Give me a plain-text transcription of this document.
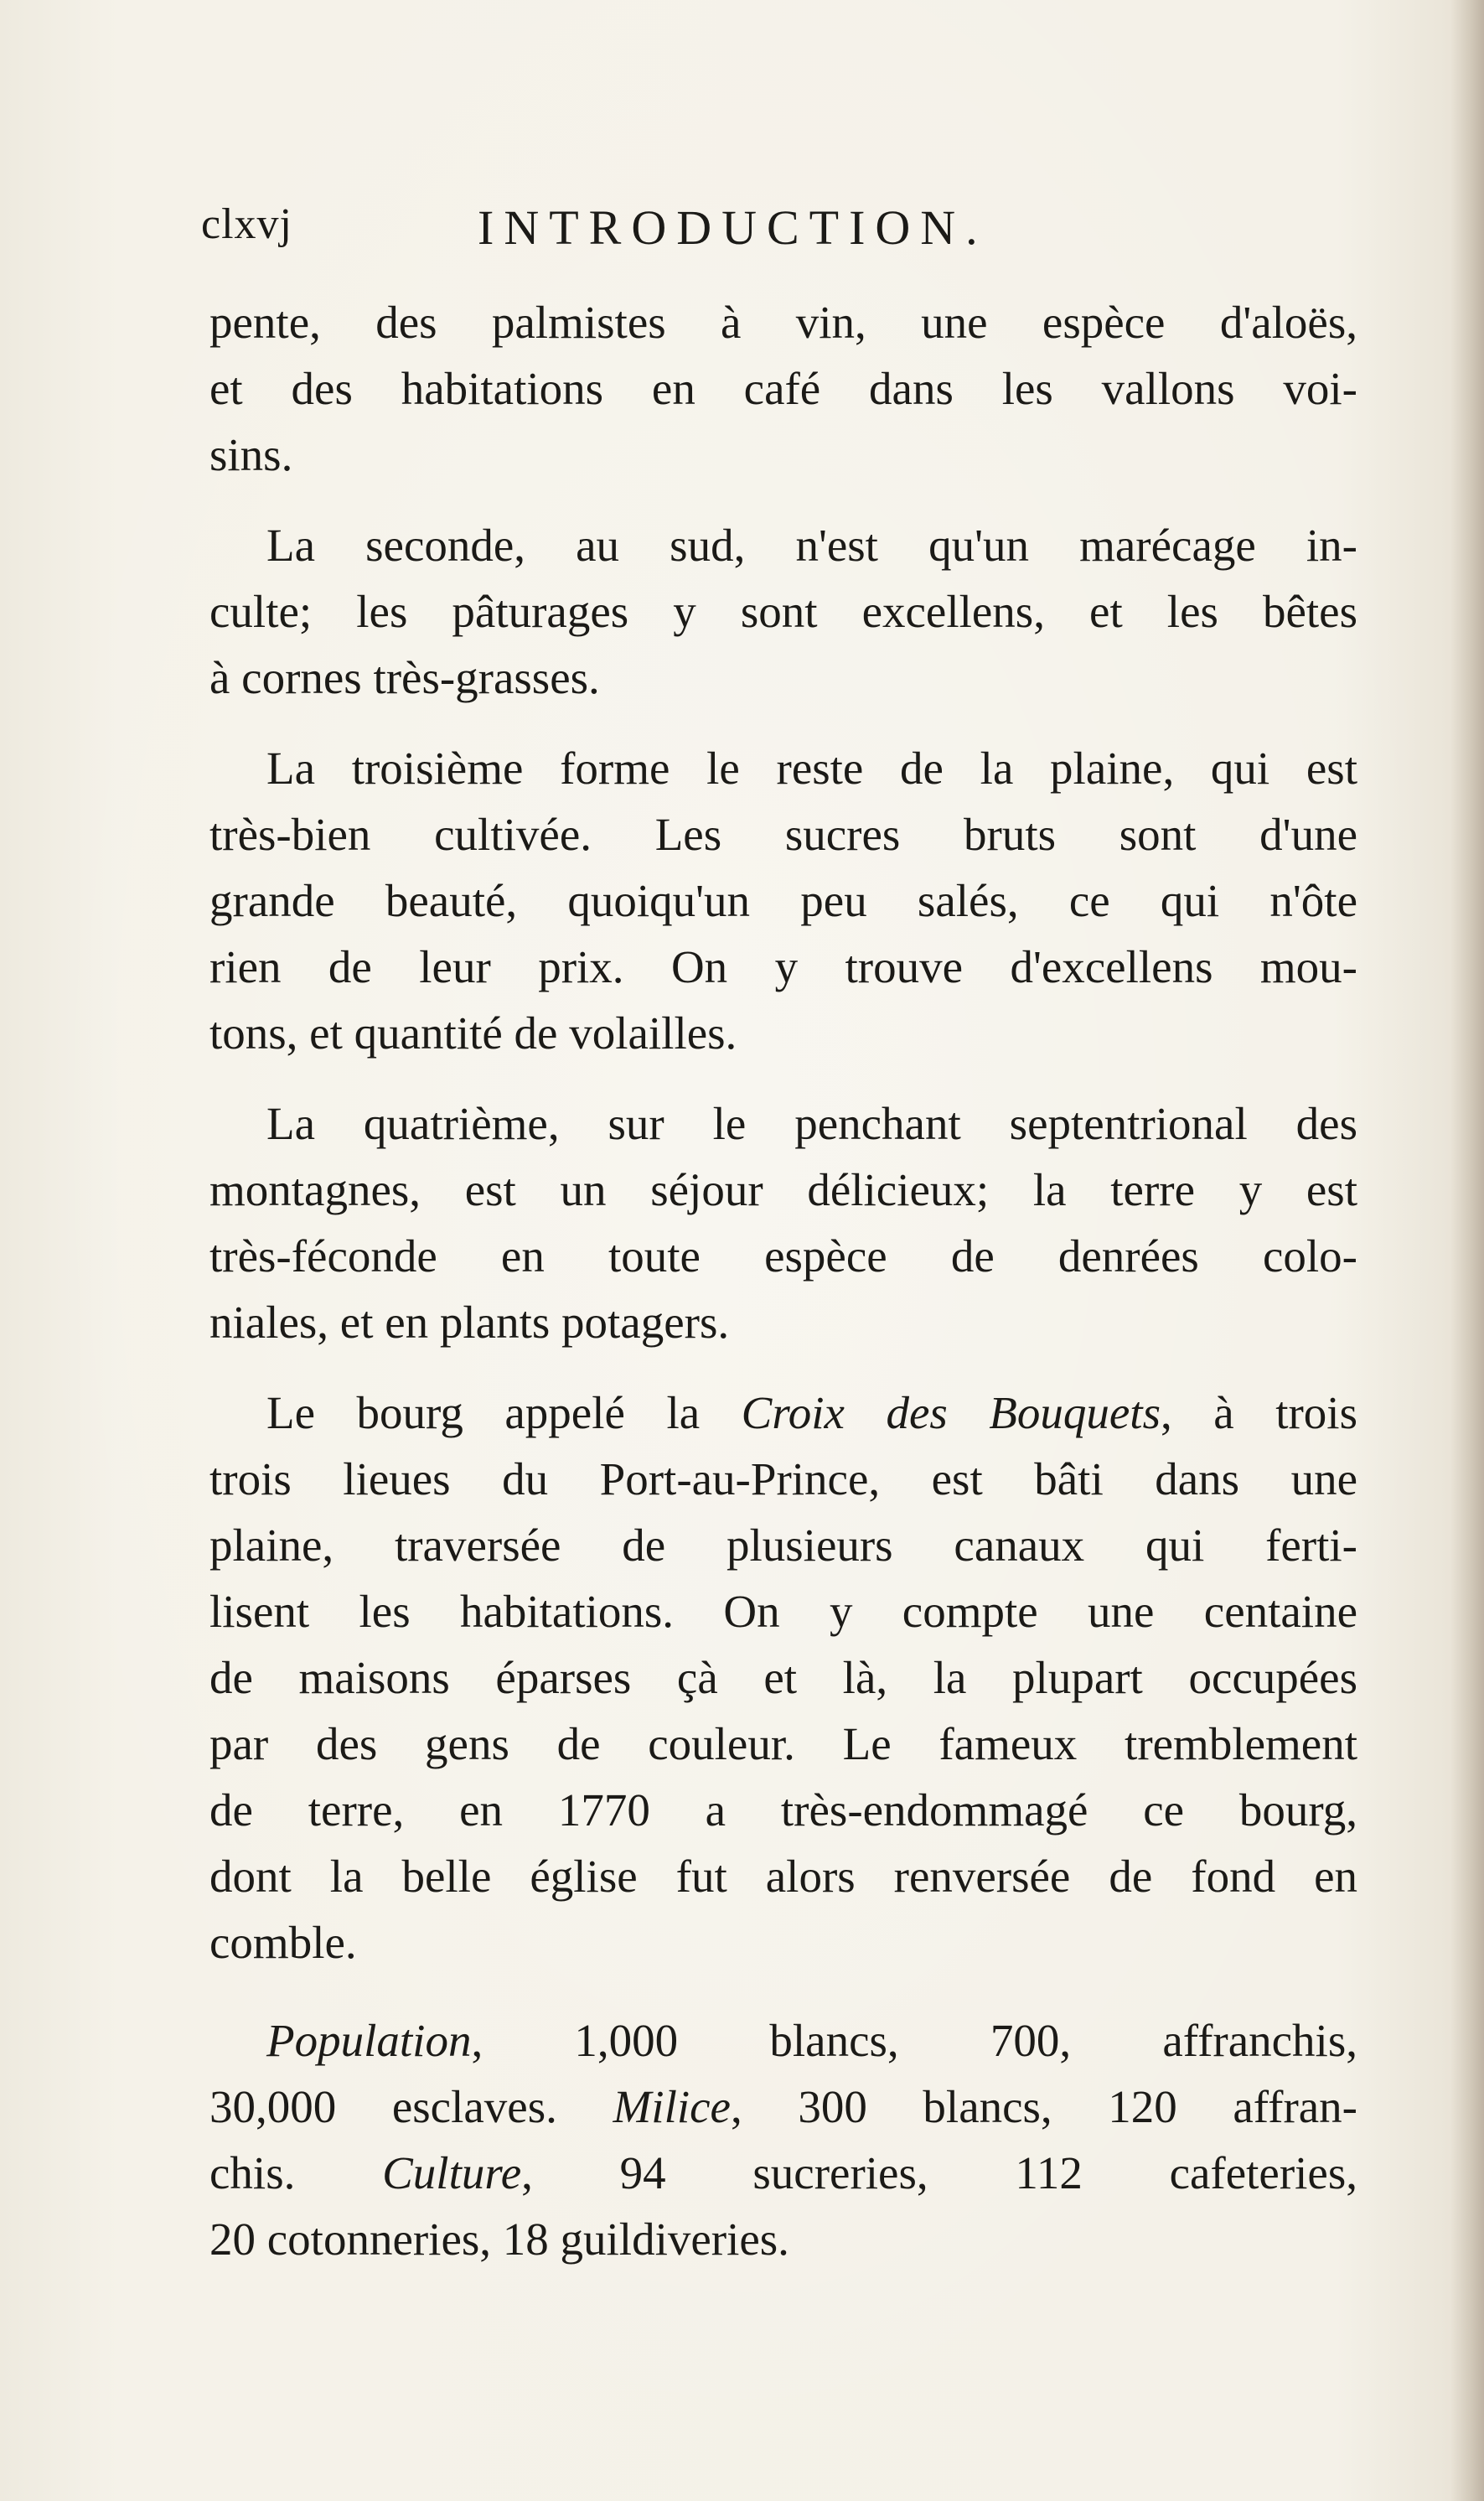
clxvj	INTRODUCTION.

pente, des palmistes à vin, une espèce d'aloës,
et des habitations en café dans les vallons voi-
sins.

La seconde, au sud, n'est qu'un marécage in-
culte; les pâturages y sont excellens, et les bêtes
à cornes très-grasses.

La troisième forme le reste de la plaine, qui est
très-bien cultivée. Les sucres bruts sont d'une
grande beauté, quoiqu'un peu salés, ce qui n'ôte
rien de leur prix. On y trouve d'excellens mou-
tons, et quantité de volailles.

La quatrième, sur le penchant septentrional des
montagnes, est un séjour délicieux; la terre y est
très-féconde en toute espèce de denrées colo-
niales, et en plants potagers.

Le bourg appelé la Croix des Bouquets, à trois
trois lieues du Port-au-Prince, est bâti dans une
plaine, traversée de plusieurs canaux qui ferti-
lisent les habitations. On y compte une centaine
de maisons éparses çà et là, la plupart occupées
par des gens de couleur. Le fameux tremblement
de terre, en 1770 a très-endommagé ce bourg,
dont la belle église fut alors renversée de fond en
comble.

Population, 1,000 blancs, 700, affranchis,
30,000 esclaves. Milice, 300 blancs, 120 affran-
chis. Culture, 94 sucreries, 112 cafeteries,
20 cotonneries, 18 guildiveries.
